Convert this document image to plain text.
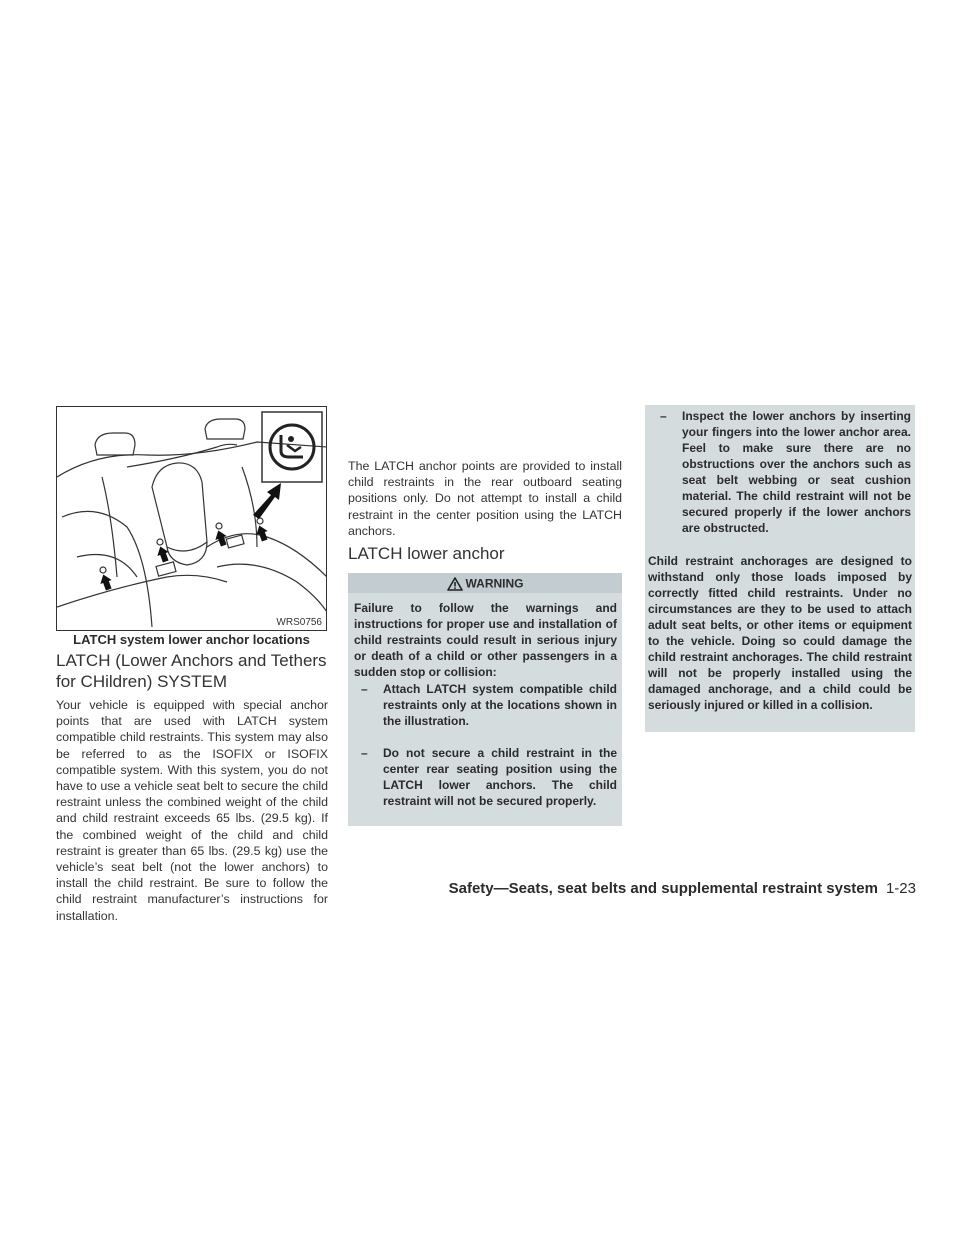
WRS0756
LATCH system lower anchor locations
LATCH (Lower Anchors and Tethers for CHildren) SYSTEM

Your vehicle is equipped with special anchor points that are used with LATCH system compatible child restraints. This system may also be referred to as the ISOFIX or ISOFIX compatible system. With this system, you do not have to use a vehicle seat belt to secure the child restraint unless the combined weight of the child and child restraint exceeds 65 lbs. (29.5 kg). If the combined weight of the child and child restraint is greater than 65 lbs. (29.5 kg) use the vehicle’s seat belt (not the lower anchors) to install the child restraint. Be sure to follow the child restraint manufacturer’s instructions for installation.

The LATCH anchor points are provided to install child restraints in the rear outboard seating positions only. Do not attempt to install a child restraint in the center position using the LATCH anchors.

LATCH lower anchor
WARNING

Failure to follow the warnings and instructions for proper use and installation of child restraints could result in serious injury or death of a child or other passengers in a sudden stop or collision:

– Attach LATCH system compatible child restraints only at the locations shown in the illustration.

– Do not secure a child restraint in the center rear seating position using the LATCH lower anchors. The child restraint will not be secured properly.

– Inspect the lower anchors by inserting your fingers into the lower anchor area. Feel to make sure there are no obstructions over the anchors such as seat belt webbing or seat cushion material. The child restraint will not be secured properly if the lower anchors are obstructed.

Child restraint anchorages are designed to withstand only those loads imposed by correctly fitted child restraints. Under no circumstances are they to be used to attach adult seat belts, or other items or equipment to the vehicle. Doing so could damage the child restraint anchorages. The child restraint will not be properly installed using the damaged anchorage, and a child could be seriously injured or killed in a collision.

Safety—Seats, seat belts and supplemental restraint system 1-23
